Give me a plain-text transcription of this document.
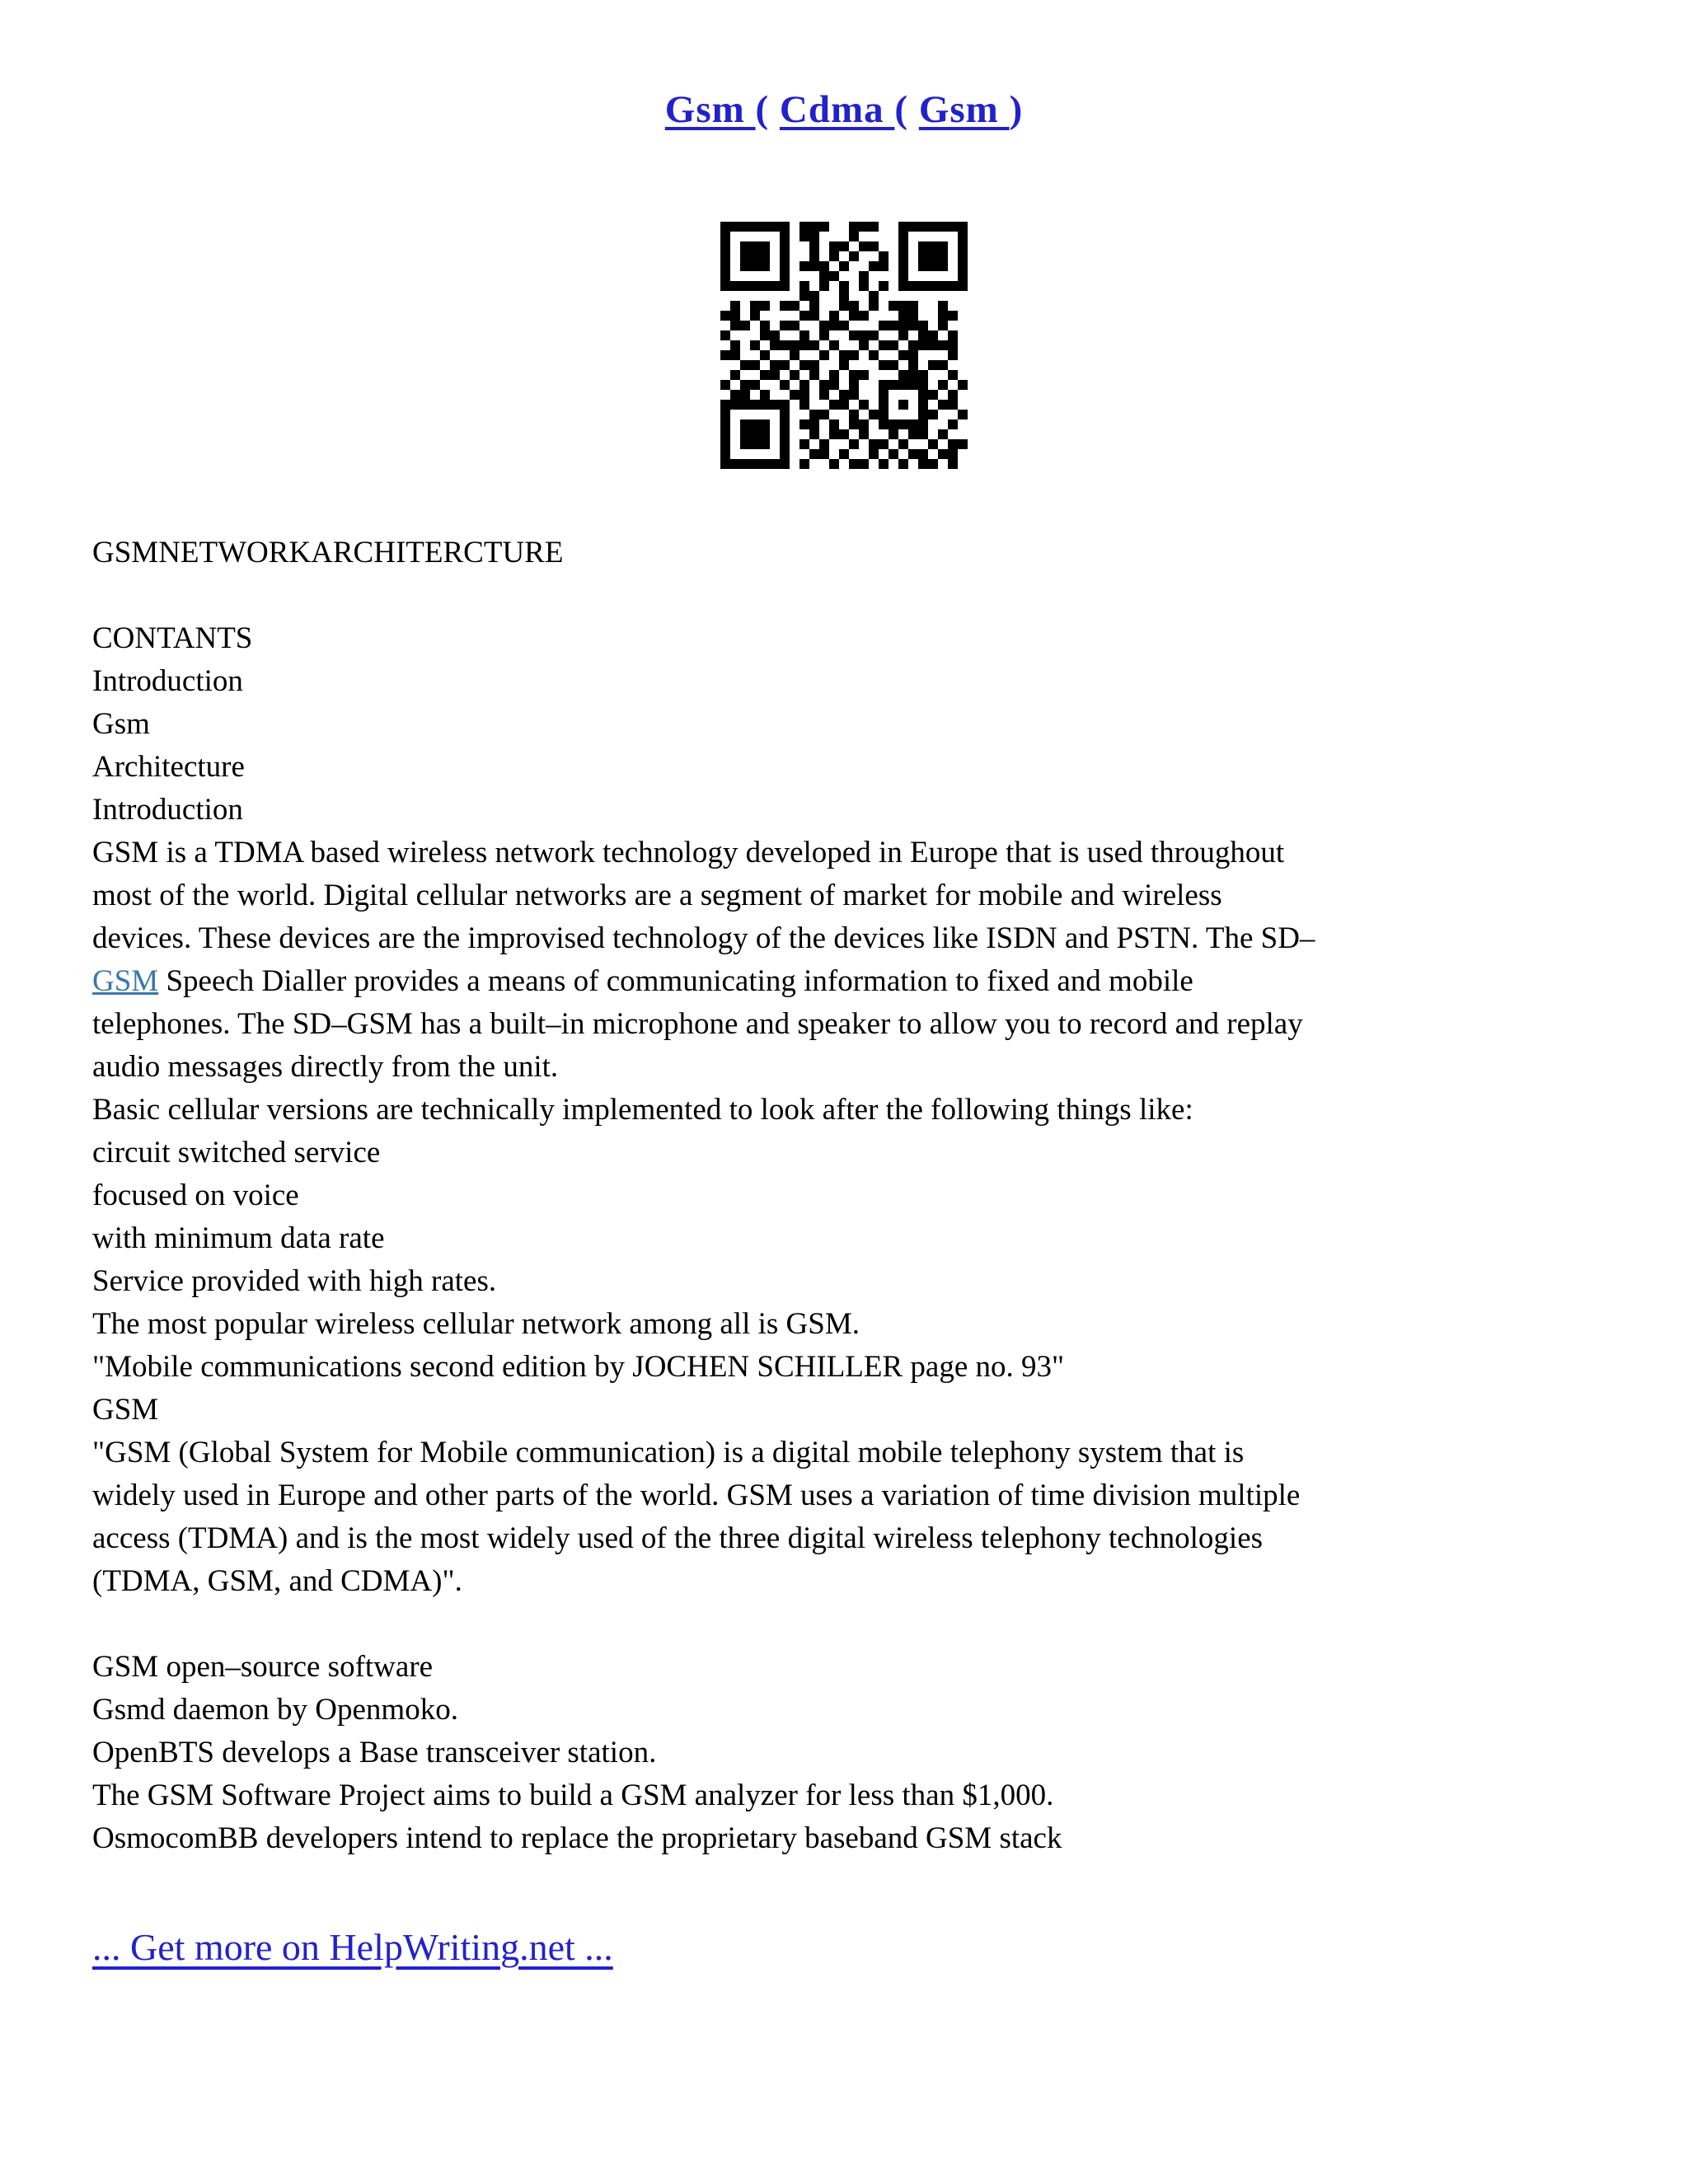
Gsm ( Cdma ( Gsm )
GSMNETWORKARCHITERCTURE

CONTANTS
Introduction
Gsm
Architecture
Introduction
GSM is a TDMA based wireless network technology developed in Europe that is used throughout
most of the world. Digital cellular networks are a segment of market for mobile and wireless
devices. These devices are the improvised technology of the devices like ISDN and PSTN. The SD–
GSM Speech Dialler provides a means of communicating information to fixed and mobile
telephones. The SD–GSM has a built–in microphone and speaker to allow you to record and replay
audio messages directly from the unit.
Basic cellular versions are technically implemented to look after the following things like:
circuit switched service
focused on voice
with minimum data rate
Service provided with high rates.
The most popular wireless cellular network among all is GSM.
"Mobile communications second edition by JOCHEN SCHILLER page no. 93"
GSM
"GSM (Global System for Mobile communication) is a digital mobile telephony system that is
widely used in Europe and other parts of the world. GSM uses a variation of time division multiple
access (TDMA) and is the most widely used of the three digital wireless telephony technologies
(TDMA, GSM, and CDMA)".

GSM open–source software
Gsmd daemon by Openmoko.
OpenBTS develops a Base transceiver station.
The GSM Software Project aims to build a GSM analyzer for less than $1,000.
OsmocomBB developers intend to replace the proprietary baseband GSM stack
... Get more on HelpWriting.net ...
